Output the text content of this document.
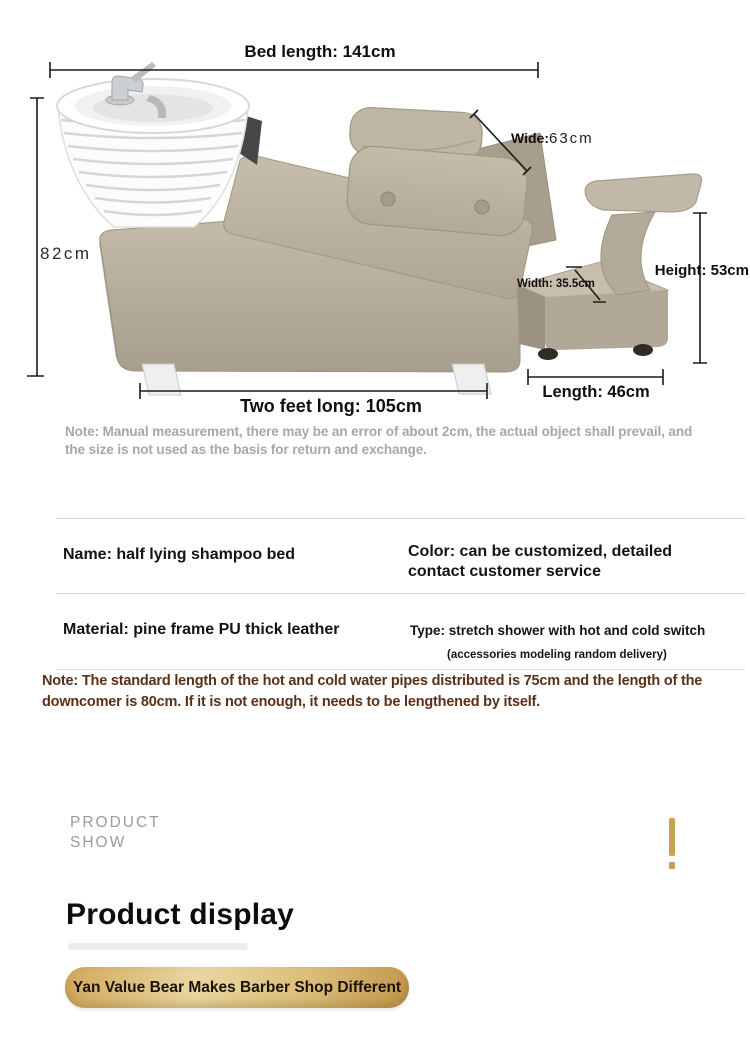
Bed length: 141cm
82cm
Wide:63cm
Height: 53cm
Width: 35.5cm
Length: 46cm
Two feet long: 105cm
Note: Manual measurement, there may be an error of about 2cm, the actual object shall prevail, and the size is not used as the basis for return and exchange.
Name: half lying shampoo bed	Color: can be customized, detailed contact customer service
Material: pine frame PU thick leather	Type: stretch shower with hot and cold switch
(accessories modeling random delivery)
Note: The standard length of the hot and cold water pipes distributed is 75cm and the length of the downcomer is 80cm. If it is not enough, it needs to be lengthened by itself.
PRODUCT
SHOW
Product display
Yan Value Bear Makes Barber Shop Different
